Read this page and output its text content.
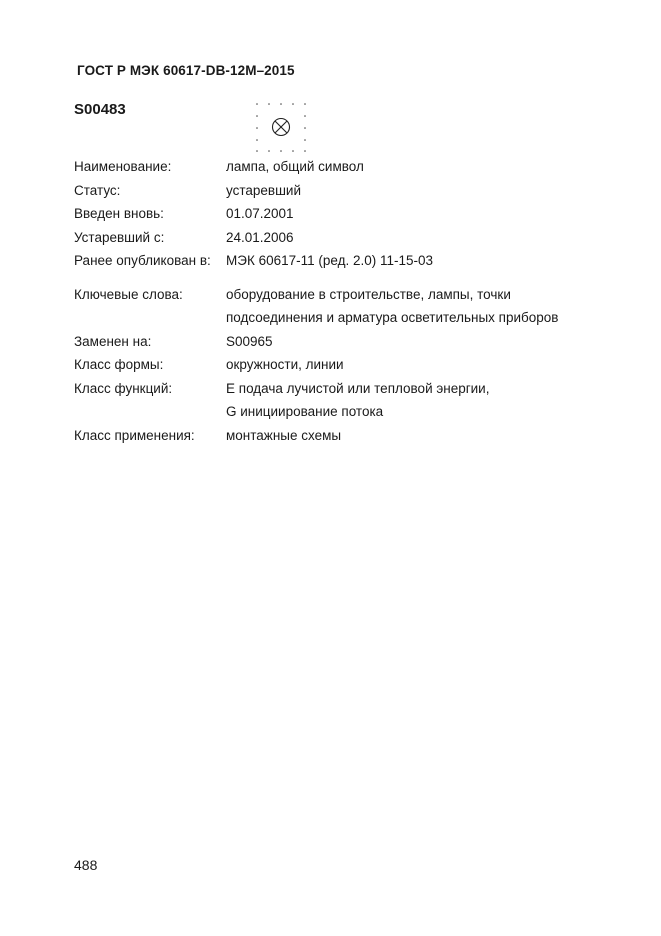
ГОСТ Р МЭК 60617-DB-12M–2015
S00483
Наименование:	лампа, общий символ
Статус:	устаревший
Введен вновь:	01.07.2001
Устаревший с:	24.01.2006
Ранее опубликован в:	МЭК 60617-11 (ред. 2.0) 11-15-03
Ключевые слова:	оборудование в строительстве, лампы, точки
подсоединения и арматура осветительных приборов
Заменен на:	S00965
Класс формы:	окружности, линии
Класс функций:	E подача лучистой или тепловой энергии,
G инициирование потока
Класс применения:	монтажные схемы
488
